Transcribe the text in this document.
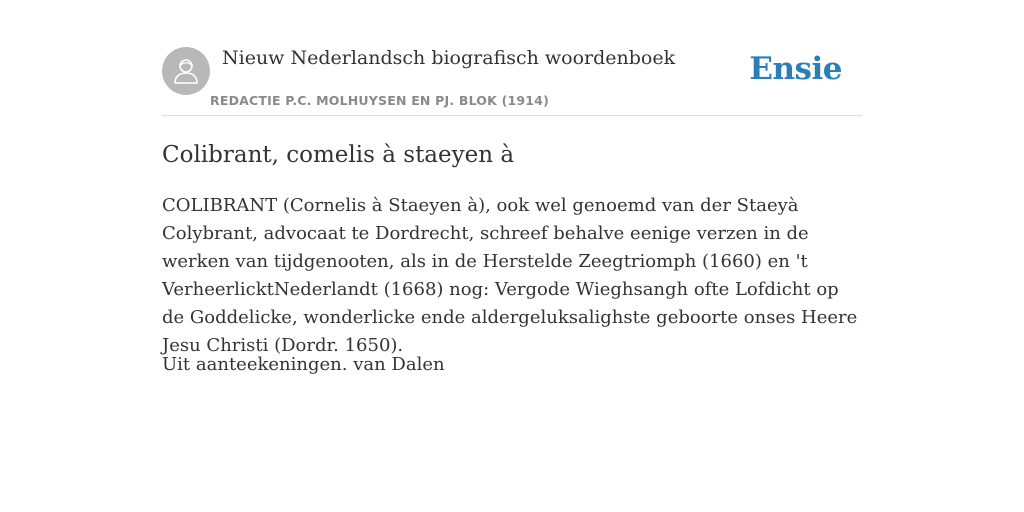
Nieuw Nederlandsch biografisch woordenboek
REDACTIE P.C. MOLHUYSEN EN PJ. BLOK (1914)
Ensie
Colibrant, comelis à staeyen à

COLIBRANT (Cornelis à Staeyen à), ook wel genoemd van der Staeyà Colybrant, advocaat te Dordrecht, schreef behalve eenige verzen in de werken van tijdgenooten, als in de Herstelde Zeegtriomph (1660) en 't VerheerlicktNederlandt (1668) nog: Vergode Wieghsangh ofte Lofdicht op de Goddelicke, wonderlicke ende aldergeluksalighste geboorte onses Heere Jesu Christi (Dordr. 1650).

Uit aanteekeningen. van Dalen
